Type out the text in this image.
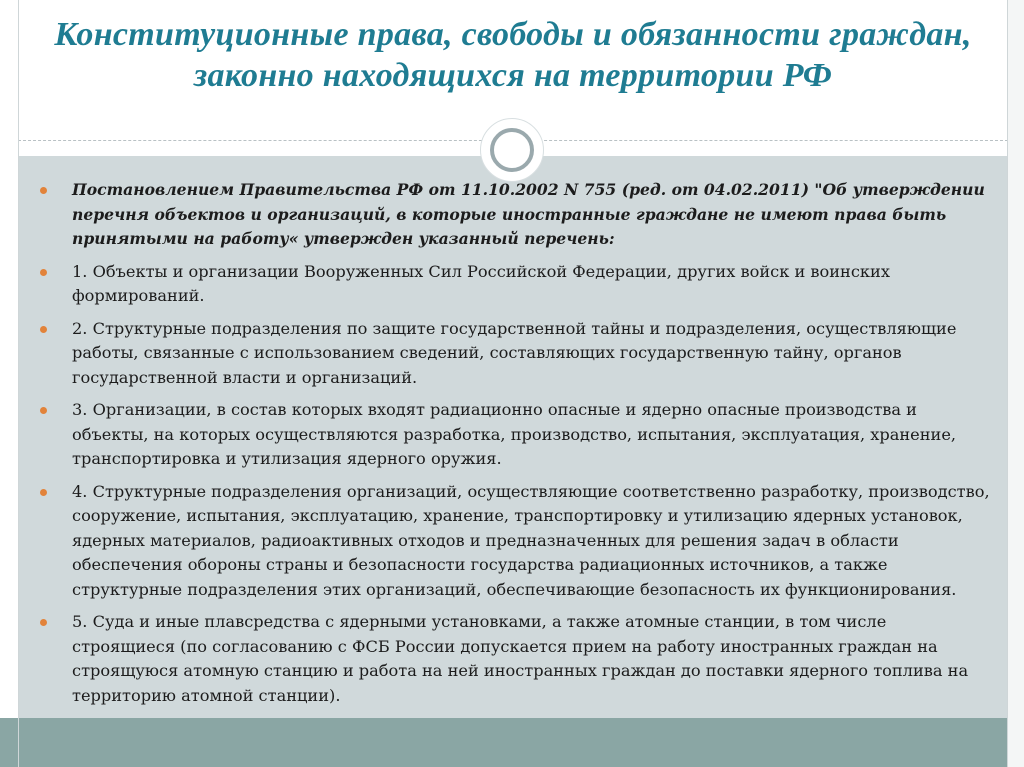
Конституционные права, свободы и обязанности граждан, законно находящихся на территории РФ
Постановлением Правительства РФ от 11.10.2002 N 755 (ред. от 04.02.2011) "Об утверждении перечня объектов и организаций, в которые иностранные граждане не имеют права быть принятыми на работу« утвержден указанный перечень:
1. Объекты и организации Вооруженных Сил Российской Федерации, других войск и воинских формирований.
2. Структурные подразделения по защите государственной тайны и подразделения, осуществляющие работы, связанные с использованием сведений, составляющих государственную тайну, органов государственной власти и организаций.
3. Организации, в состав которых входят радиационно опасные и ядерно опасные производства и объекты, на которых осуществляются разработка, производство, испытания, эксплуатация, хранение, транспортировка и утилизация ядерного оружия.
4. Структурные подразделения организаций, осуществляющие соответственно разработку, производство, сооружение, испытания, эксплуатацию, хранение, транспортировку и утилизацию ядерных установок, ядерных материалов, радиоактивных отходов и предназначенных для решения задач в области обеспечения обороны страны и безопасности государства радиационных источников, а также структурные подразделения этих организаций, обеспечивающие безопасность их функционирования.
5. Суда и иные плавсредства с ядерными установками, а также атомные станции, в том числе строящиеся (по согласованию с ФСБ России допускается прием на работу иностранных граждан на строящуюся атомную станцию и работа на ней иностранных граждан до поставки ядерного топлива на территорию атомной станции).
